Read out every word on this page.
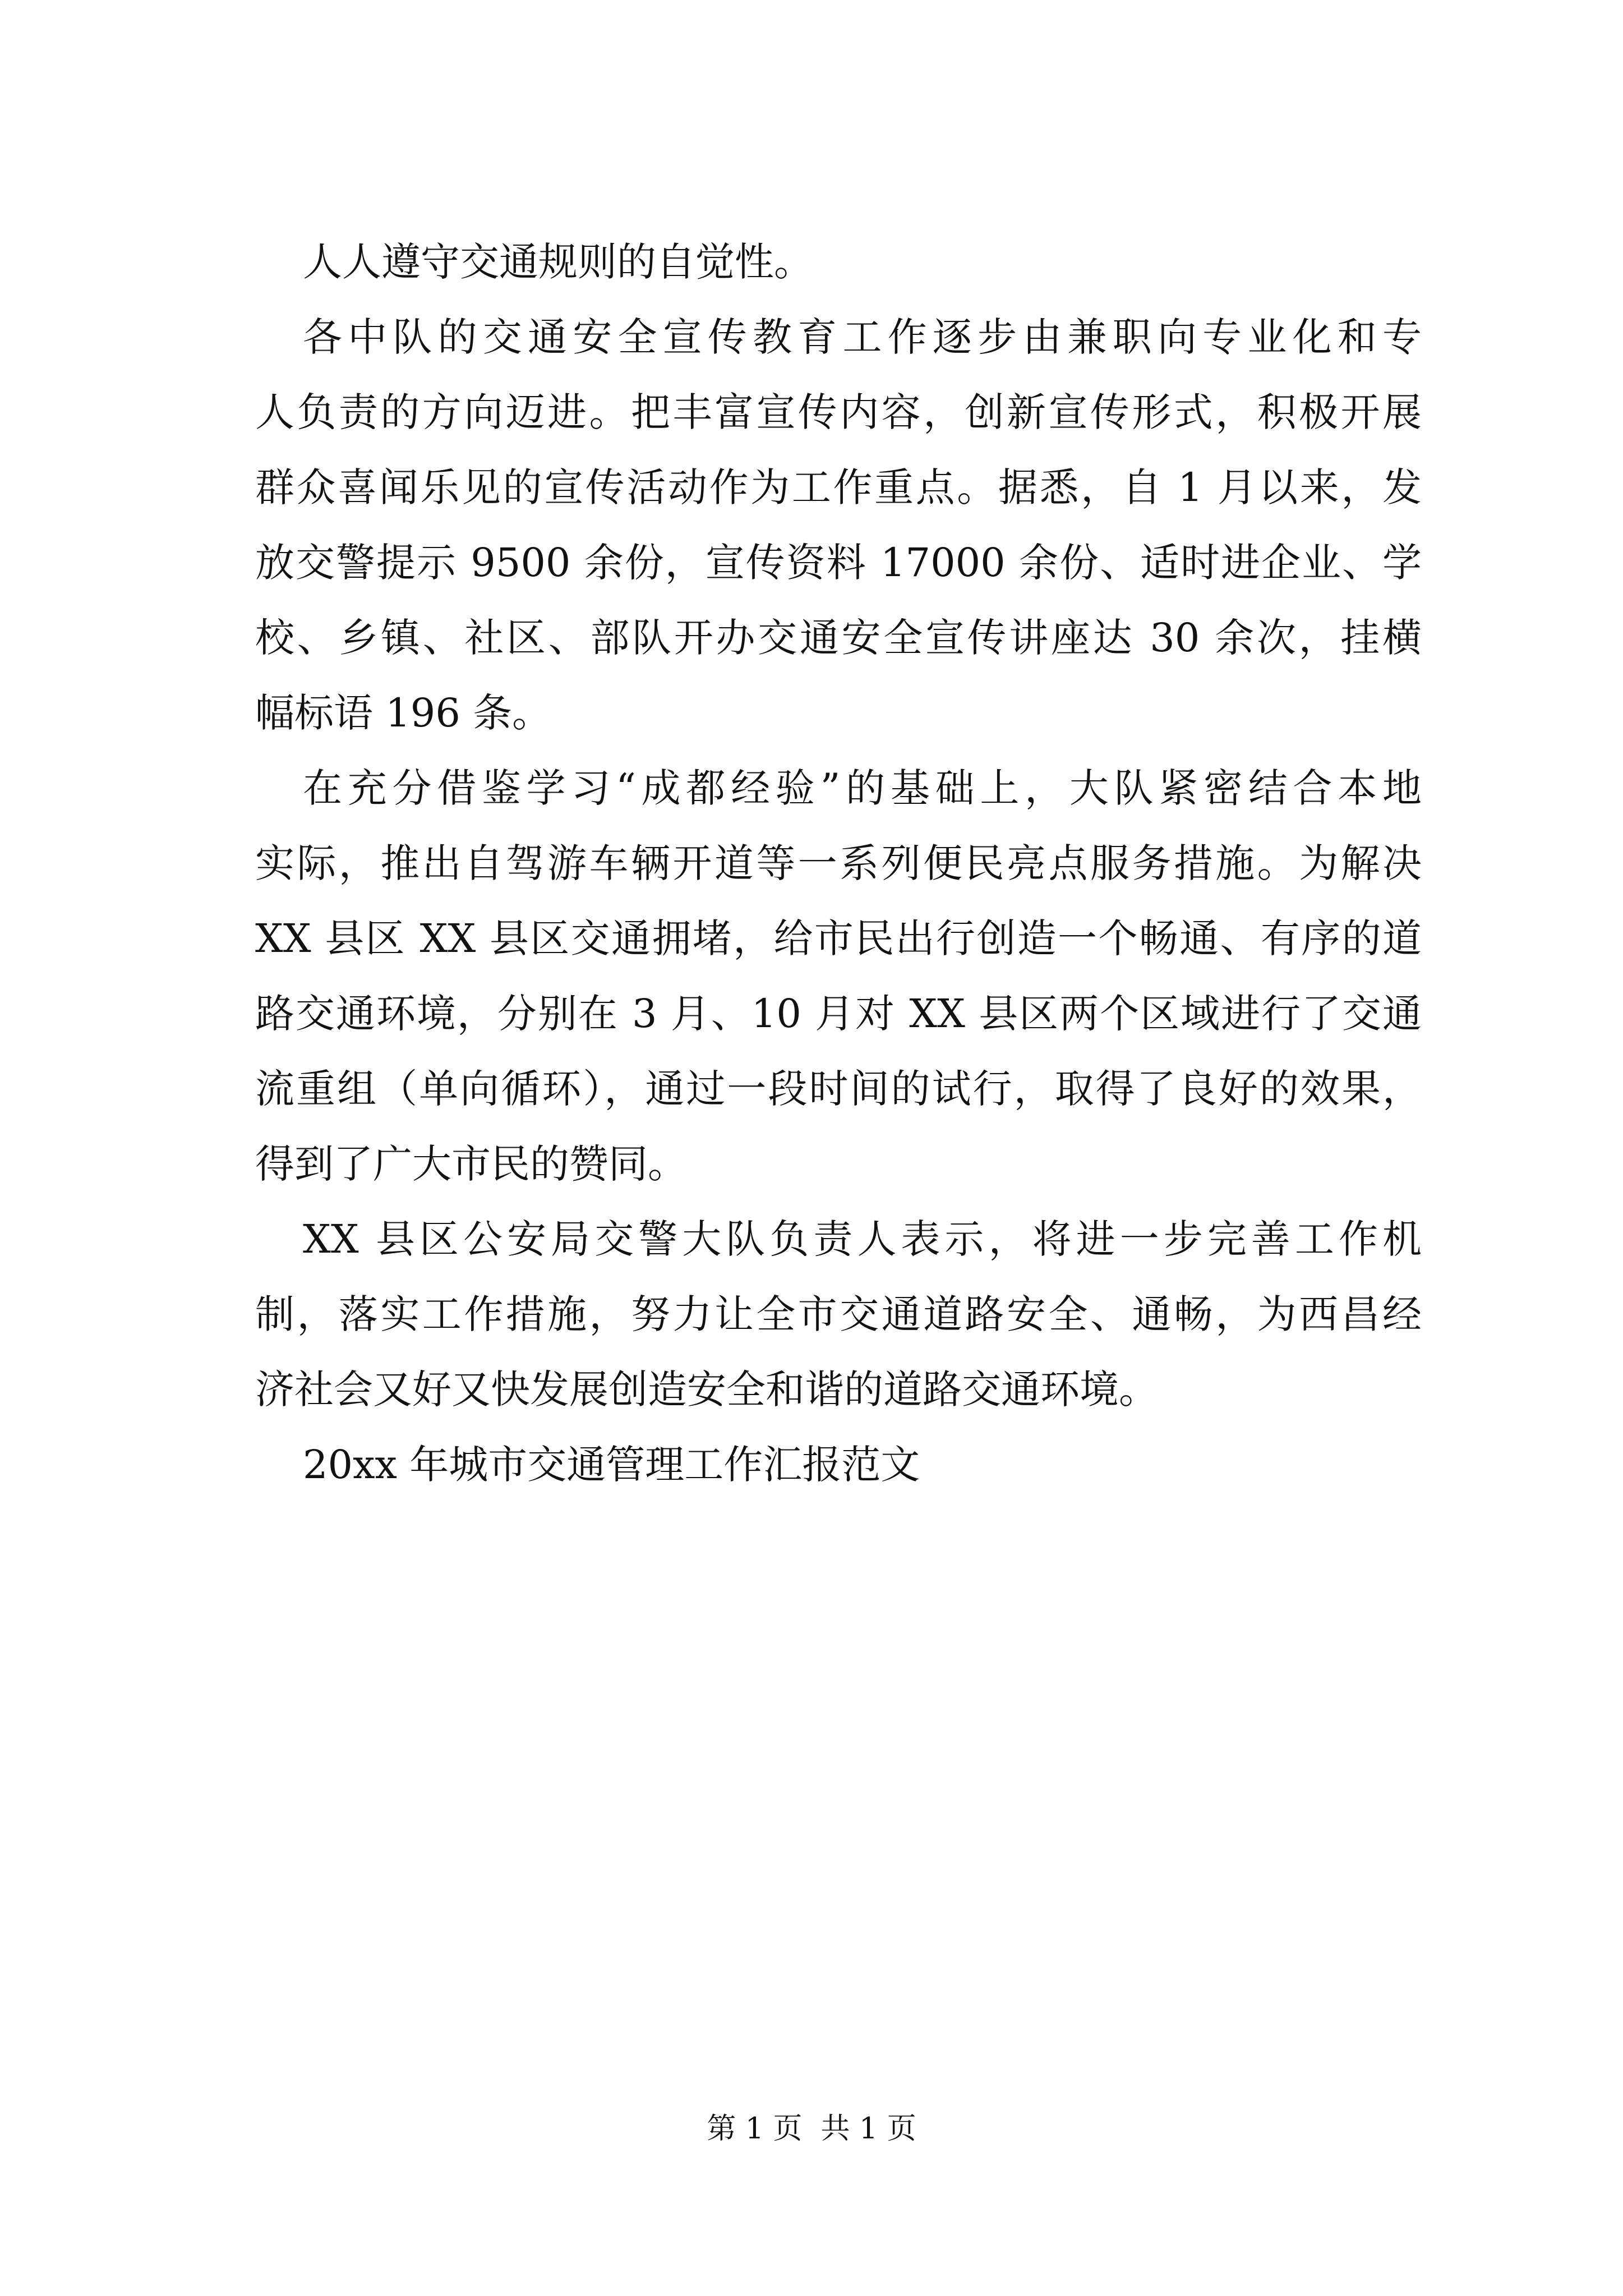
人人遵守交通规则的自觉性。
各中队的交通安全宣传教育工作逐步由兼职向专业化和专
人负责的方向迈进。把丰富宣传内容，创新宣传形式，积极开展
群众喜闻乐见的宣传活动作为工作重点。据悉，自 1 月以来，发
放交警提示 9500 余份，宣传资料 17000 余份、适时进企业、学
校、乡镇、社区、部队开办交通安全宣传讲座达 30 余次，挂横
幅标语 196 条。
在充分借鉴学习“成都经验”的基础上，大队紧密结合本地
实际，推出自驾游车辆开道等一系列便民亮点服务措施。为解决
XX 县区 XX 县区交通拥堵，给市民出行创造一个畅通、有序的道
路交通环境，分别在 3 月、10 月对 XX 县区两个区域进行了交通
流重组（单向循环），通过一段时间的试行，取得了良好的效果，
得到了广大市民的赞同。
XX 县区公安局交警大队负责人表示，将进一步完善工作机
制，落实工作措施，努力让全市交通道路安全、通畅，为西昌经
济社会又好又快发展创造安全和谐的道路交通环境。
20xx 年城市交通管理工作汇报范文
第 1 页  共 1 页
